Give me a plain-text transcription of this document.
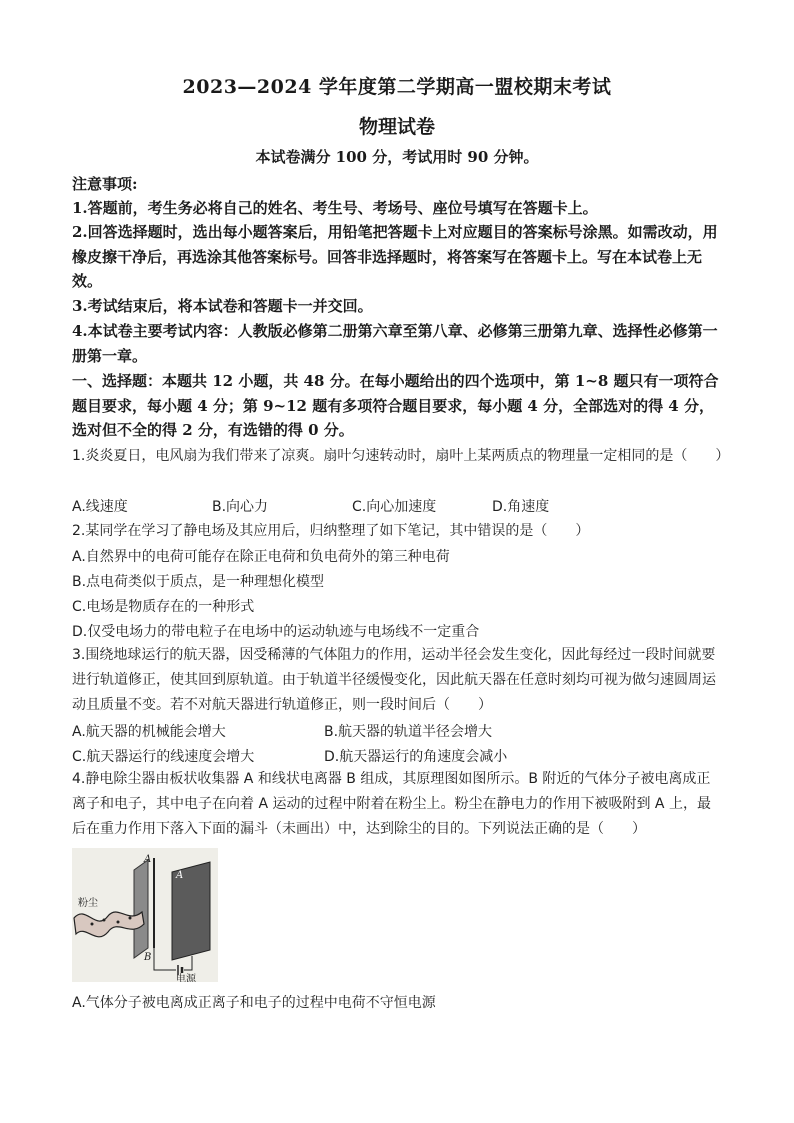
2023—2024 学年度第二学期高一盟校期末考试
物理试卷
本试卷满分 100 分，考试用时 90 分钟。
注意事项:
1.答题前，考生务必将自己的姓名、考生号、考场号、座位号填写在答题卡上。
2.回答选择题时，选出每小题答案后，用铅笔把答题卡上对应题目的答案标号涂黑。如需改动，用橡皮擦干净后，再选涂其他答案标号。回答非选择题时，将答案写在答题卡上。写在本试卷上无效。
3.考试结束后，将本试卷和答题卡一并交回。
4.本试卷主要考试内容：人教版必修第二册第六章至第八章、必修第三册第九章、选择性必修第一册第一章。
一、选择题：本题共 12 小题，共 48 分。在每小题给出的四个选项中，第 1~8 题只有一项符合题目要求，每小题 4 分；第 9~12 题有多项符合题目要求，每小题 4 分，全部选对的得 4 分，选对但不全的得 2 分，有选错的得 0 分。
1.炎炎夏日，电风扇为我们带来了凉爽。扇叶匀速转动时，扇叶上某两质点的物理量一定相同的是（　　）
A.线速度	B.向心力	C.向心加速度	D.角速度
2.某同学在学习了静电场及其应用后，归纳整理了如下笔记，其中错误的是（　　）
A.自然界中的电荷可能存在除正电荷和负电荷外的第三种电荷
B.点电荷类似于质点，是一种理想化模型
C.电场是物质存在的一种形式
D.仅受电场力的带电粒子在电场中的运动轨迹与电场线不一定重合
3.围绕地球运行的航天器，因受稀薄的气体阻力的作用，运动半径会发生变化，因此每经过一段时间就要进行轨道修正，使其回到原轨道。由于轨道半径缓慢变化，因此航天器在任意时刻均可视为做匀速圆周运动且质量不变。若不对航天器进行轨道修正，则一段时间后（　　）
A.航天器的机械能会增大	B.航天器的轨道半径会增大
C.航天器运行的线速度会增大	D.航天器运行的角速度会减小
4.静电除尘器由板状收集器 A 和线状电离器 B 组成，其原理图如图所示。B 附近的气体分子被电离成正离子和电子，其中电子在向着 A 运动的过程中附着在粉尘上。粉尘在静电力的作用下被吸附到 A 上，最后在重力作用下落入下面的漏斗（未画出）中，达到除尘的目的。下列说法正确的是（　　）
A
A
B
粉尘
电源
A.气体分子被电离成正离子和电子的过程中电荷不守恒电源
